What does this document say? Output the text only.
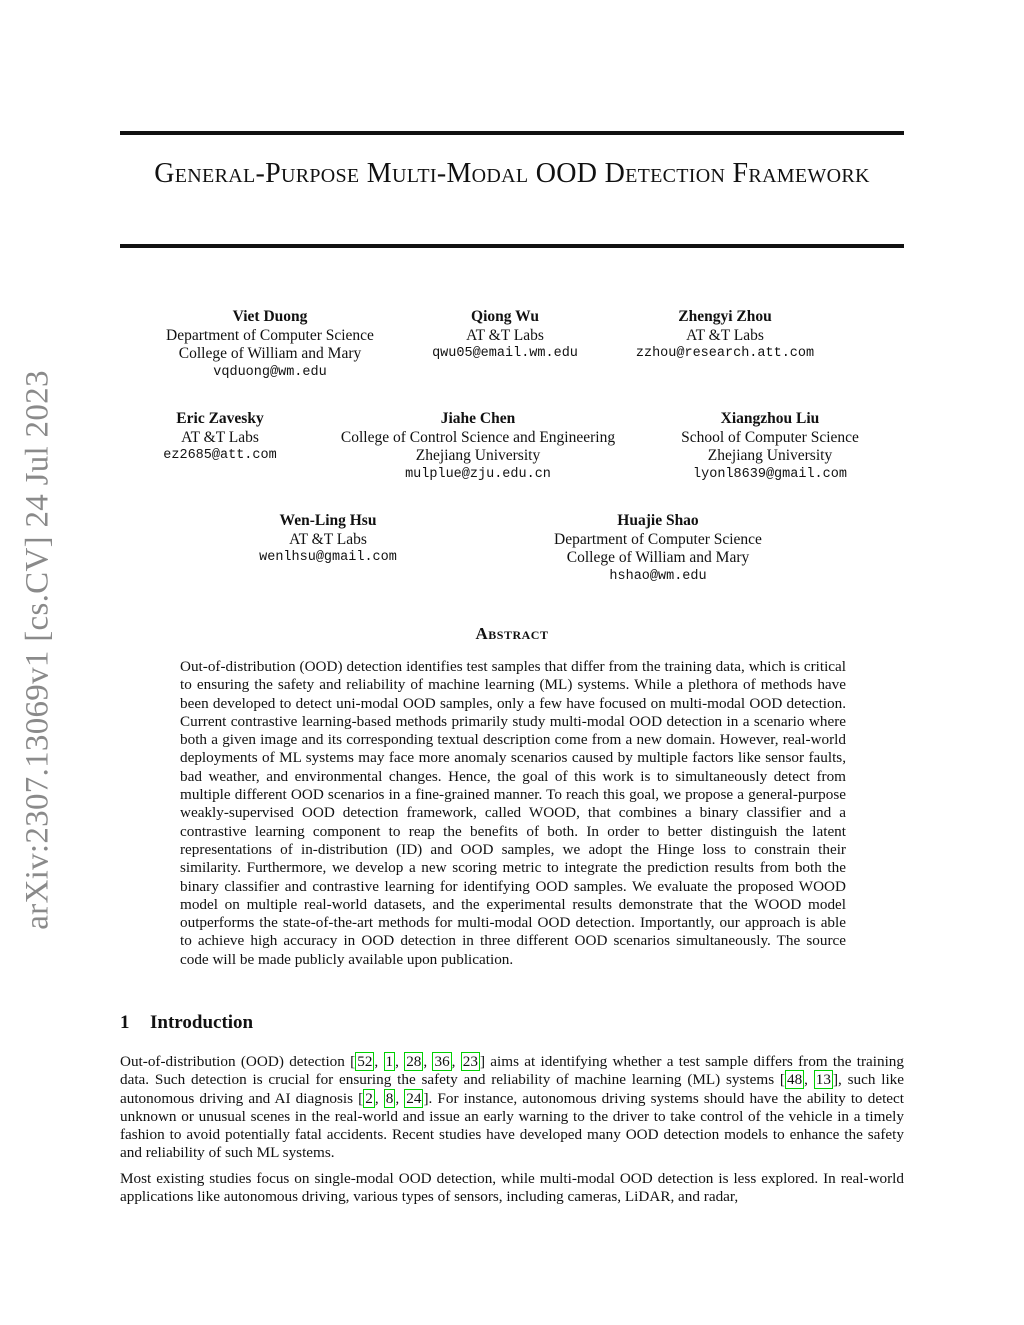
arXiv:2307.13069v1 [cs.CV] 24 Jul 2023
General-Purpose Multi-Modal OOD Detection Framework
Viet Duong
Department of Computer Science
College of William and Mary
vqduong@wm.edu
Qiong Wu
AT &T Labs
qwu05@email.wm.edu
Zhengyi Zhou
AT &T Labs
zzhou@research.att.com
Eric Zavesky
AT &T Labs
ez2685@att.com
Jiahe Chen
College of Control Science and Engineering
Zhejiang University
mulplue@zju.edu.cn
Xiangzhou Liu
School of Computer Science
Zhejiang University
lyonl8639@gmail.com
Wen-Ling Hsu
AT &T Labs
wenlhsu@gmail.com
Huajie Shao
Department of Computer Science
College of William and Mary
hshao@wm.edu
Abstract
Out-of-distribution (OOD) detection identifies test samples that differ from the training data, which is critical to ensuring the safety and reliability of machine learning (ML) systems. While a plethora of methods have been developed to detect uni-modal OOD samples, only a few have focused on multi-modal OOD detection. Current contrastive learning-based methods primarily study multi-modal OOD detection in a scenario where both a given image and its corresponding textual description come from a new domain. However, real-world deployments of ML systems may face more anomaly scenarios caused by multiple factors like sensor faults, bad weather, and environmental changes. Hence, the goal of this work is to simultaneously detect from multiple different OOD scenarios in a fine-grained manner. To reach this goal, we propose a general-purpose weakly-supervised OOD detection framework, called WOOD, that combines a binary classifier and a contrastive learning component to reap the benefits of both. In order to better distinguish the latent representations of in-distribution (ID) and OOD samples, we adopt the Hinge loss to constrain their similarity. Furthermore, we develop a new scoring metric to integrate the prediction results from both the binary classifier and contrastive learning for identifying OOD samples. We evaluate the proposed WOOD model on multiple real-world datasets, and the experimental results demonstrate that the WOOD model outperforms the state-of-the-art methods for multi-modal OOD detection. Importantly, our approach is able to achieve high accuracy in OOD detection in three different OOD scenarios simultaneously. The source code will be made publicly available upon publication.
1 Introduction

Out-of-distribution (OOD) detection [ 52 , 1 , 28 , 36 , 23 ] aims at identifying whether a test sample differs from the training data. Such detection is crucial for ensuring the safety and reliability of machine learning (ML) systems [ 48 , 13 ], such like autonomous driving and AI diagnosis [ 2 , 8 , 24 ]. For instance, autonomous driving systems should have the ability to detect unknown or unusual scenes in the real-world and issue an early warning to the driver to take control of the vehicle in a timely fashion to avoid potentially fatal accidents. Recent studies have developed many OOD detection models to enhance the safety and reliability of such ML systems.

Most existing studies focus on single-modal OOD detection, while multi-modal OOD detection is less explored. In real-world applications like autonomous driving, various types of sensors, including cameras, LiDAR, and radar,
